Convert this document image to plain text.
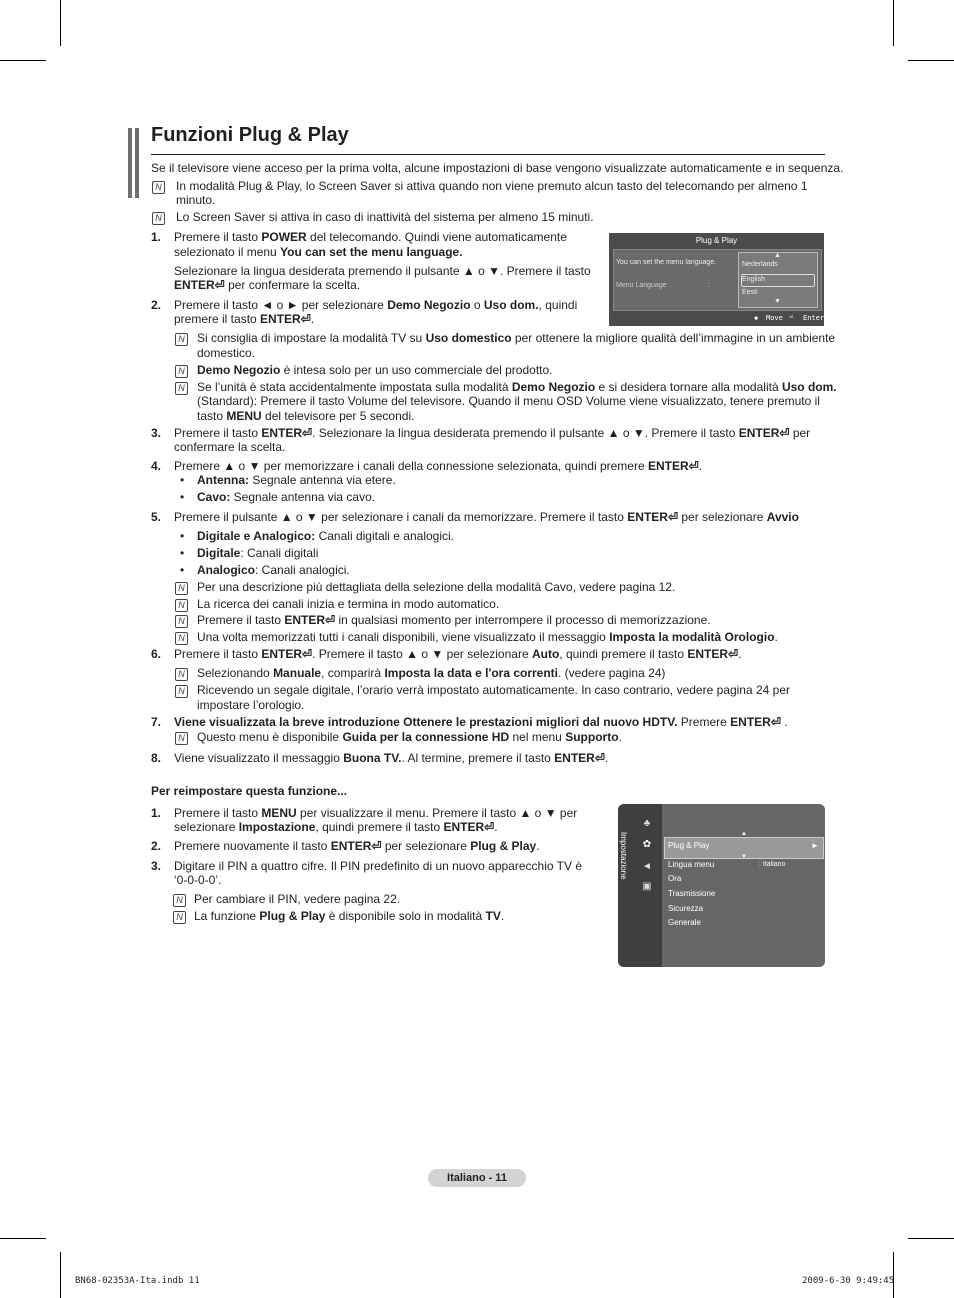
Funzioni Plug & Play
Se il televisore viene acceso per la prima volta, alcune impostazioni di base vengono visualizzate automaticamente e in sequenza.
N In modalità Plug & Play, lo Screen Saver si attiva quando non viene premuto alcun tasto del telecomando per almeno 1
minuto.
N Lo Screen Saver si attiva in caso di inattività del sistema per almeno 15 minuti.
1. Premere il tasto POWER del telecomando. Quindi viene automaticamente
selezionato il menu You can set the menu language.
Selezionare la lingua desiderata premendo il pulsante ▲ o ▼. Premere il tasto
ENTER⏎ per confermare la scelta.
2. Premere il tasto ◄ o ► per selezionare Demo Negozio o Uso dom., quindi
premere il tasto ENTER⏎.
Plug & Play
You can set the menu language.
Menu Language	:
▲
Nederlands
English
Eesti
▼
◆ Move ⏎ Enter
N Si consiglia di impostare la modalità TV su Uso domestico per ottenere la migliore qualità dell’immagine in un ambiente
domestico.
N Demo Negozio è intesa solo per un uso commerciale del prodotto.
N Se l’unità è stata accidentalmente impostata sulla modalità Demo Negozio e si desidera tornare alla modalità Uso dom.
(Standard): Premere il tasto Volume del televisore. Quando il menu OSD Volume viene visualizzato, tenere premuto il
tasto MENU del televisore per 5 secondi.
3. Premere il tasto ENTER⏎. Selezionare la lingua desiderata premendo il pulsante ▲ o ▼. Premere il tasto ENTER⏎ per
confermare la scelta.
4. Premere ▲ o ▼ per memorizzare i canali della connessione selezionata, quindi premere ENTER⏎.
• Antenna: Segnale antenna via etere.
• Cavo: Segnale antenna via cavo.
5. Premere il pulsante ▲ o ▼ per selezionare i canali da memorizzare. Premere il tasto ENTER⏎ per selezionare Avvio
• Digitale e Analogico: Canali digitali e analogici.
• Digitale: Canali digitali
• Analogico: Canali analogici.
N Per una descrizione più dettagliata della selezione della modalità Cavo, vedere pagina 12.
N La ricerca dei canali inizia e termina in modo automatico.
N Premere il tasto ENTER⏎ in qualsiasi momento per interrompere il processo di memorizzazione.
N Una volta memorizzati tutti i canali disponibili, viene visualizzato il messaggio Imposta la modalità Orologio.
6. Premere il tasto ENTER⏎. Premere il tasto ▲ o ▼ per selezionare Auto, quindi premere il tasto ENTER⏎.
N Selezionando Manuale, comparirà Imposta la data e l'ora correnti. (vedere pagina 24)
N Ricevendo un segale digitale, l’orario verrà impostato automaticamente. In caso contrario, vedere pagina 24 per
impostare l’orologio.
7. Viene visualizzata la breve introduzione Ottenere le prestazioni migliori dal nuovo HDTV. Premere ENTER⏎ .
N Questo menu è disponibile Guida per la connessione HD nel menu Supporto.
8. Viene visualizzato il messaggio Buona TV.. Al termine, premere il tasto ENTER⏎.
Per reimpostare questa funzione...
1. Premere il tasto MENU per visualizzare il menu. Premere il tasto ▲ o ▼ per
selezionare Impostazione, quindi premere il tasto ENTER⏎.
2. Premere nuovamente il tasto ENTER⏎ per selezionare Plug & Play.
3. Digitare il PIN a quattro cifre. Il PIN predefinito di un nuovo apparecchio TV è
‘0-0-0-0’.
N Per cambiare il PIN, vedere pagina 22.
N La funzione Plug & Play è disponibile solo in modalità TV.
Impostazione
♣
✿
◄
▣
▲
Plug & Play	►
▼
Lingua menu	: Italiano
Ora
Trasmissione
Sicurezza
Generale
Italiano - 11
BN68-02353A-Ita.indb 11	2009-6-30 9:49:45
